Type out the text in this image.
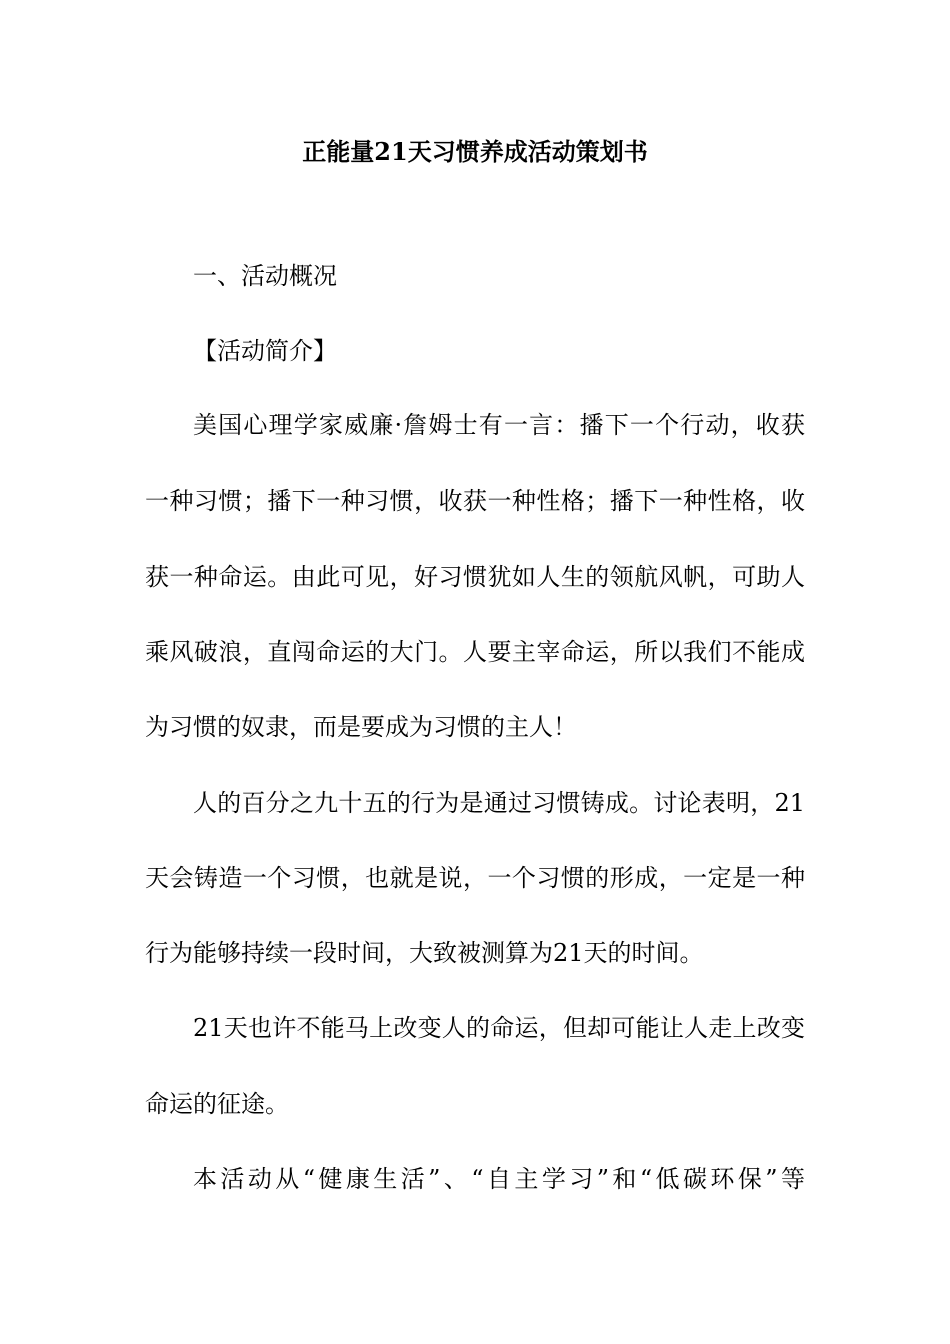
正能量21天习惯养成活动策划书
一、活动概况
【活动简介】
美国心理学家威廉·詹姆士有一言：播下一个行动，收获
一种习惯；播下一种习惯，收获一种性格；播下一种性格，收
获一种命运。由此可见，好习惯犹如人生的领航风帆，可助人
乘风破浪，直闯命运的大门。人要主宰命运，所以我们不能成
为习惯的奴隶，而是要成为习惯的主人！
人的百分之九十五的行为是通过习惯铸成。讨论表明，21
天会铸造一个习惯，也就是说，一个习惯的形成，一定是一种
行为能够持续一段时间，大致被测算为21天的时间。
21天也许不能马上改变人的命运，但却可能让人走上改变
命运的征途。
本活动从“健康生活”、“自主学习”和“低碳环保”等
